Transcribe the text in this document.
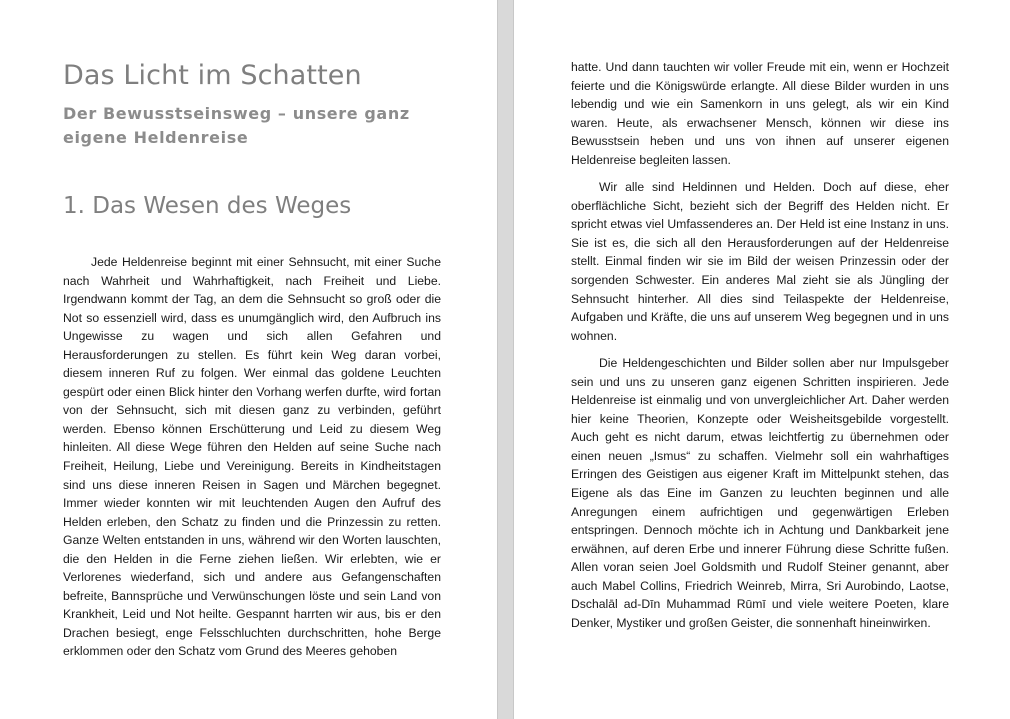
Das Licht im Schatten
Der Bewusstseinsweg – unsere ganz eigene Heldenreise
1. Das Wesen des Weges

Jede Heldenreise beginnt mit einer Sehnsucht, mit einer Suche nach Wahrheit und Wahrhaftigkeit, nach Freiheit und Liebe. Irgendwann kommt der Tag, an dem die Sehnsucht so groß oder die Not so essenziell wird, dass es unumgänglich wird, den Aufbruch ins Ungewisse zu wagen und sich allen Gefahren und Herausforderungen zu stellen. Es führt kein Weg daran vorbei, diesem inneren Ruf zu folgen. Wer einmal das goldene Leuchten gespürt oder einen Blick hinter den Vorhang werfen durfte, wird fortan von der Sehnsucht, sich mit diesen ganz zu verbinden, geführt werden. Ebenso können Erschütterung und Leid zu diesem Weg hinleiten. All diese Wege führen den Helden auf seine Suche nach Freiheit, Heilung, Liebe und Vereinigung. Bereits in Kindheitstagen sind uns diese inneren Reisen in Sagen und Märchen begegnet. Immer wieder konnten wir mit leuchtenden Augen den Aufruf des Helden erleben, den Schatz zu finden und die Prinzessin zu retten. Ganze Welten entstanden in uns, während wir den Worten lauschten, die den Helden in die Ferne ziehen ließen. Wir erlebten, wie er Verlorenes wiederfand, sich und andere aus Gefangenschaften befreite, Bannsprüche und Verwünschungen löste und sein Land von Krankheit, Leid und Not heilte. Gespannt harrten wir aus, bis er den Drachen besiegt, enge Felsschluchten durchschritten, hohe Berge erklommen oder den Schatz vom Grund des Meeres gehoben

hatte. Und dann tauchten wir voller Freude mit ein, wenn er Hochzeit feierte und die Königswürde erlangte. All diese Bilder wurden in uns lebendig und wie ein Samenkorn in uns gelegt, als wir ein Kind waren. Heute, als erwachsener Mensch, können wir diese ins Bewusstsein heben und uns von ihnen auf unserer eigenen Heldenreise begleiten lassen.

Wir alle sind Heldinnen und Helden. Doch auf diese, eher oberflächliche Sicht, bezieht sich der Begriff des Helden nicht. Er spricht etwas viel Umfassenderes an. Der Held ist eine Instanz in uns. Sie ist es, die sich all den Herausforderungen auf der Heldenreise stellt. Einmal finden wir sie im Bild der weisen Prinzessin oder der sorgenden Schwester. Ein anderes Mal zieht sie als Jüngling der Sehnsucht hinterher. All dies sind Teilaspekte der Heldenreise, Aufgaben und Kräfte, die uns auf unserem Weg begegnen und in uns wohnen.

Die Heldengeschichten und Bilder sollen aber nur Impulsgeber sein und uns zu unseren ganz eigenen Schritten inspirieren. Jede Heldenreise ist einmalig und von unvergleichlicher Art. Daher werden hier keine Theorien, Konzepte oder Weisheitsgebilde vorgestellt. Auch geht es nicht darum, etwas leichtfertig zu übernehmen oder einen neuen „Ismus“ zu schaffen. Vielmehr soll ein wahrhaftiges Erringen des Geistigen aus eigener Kraft im Mittelpunkt stehen, das Eigene als das Eine im Ganzen zu leuchten beginnen und alle Anregungen einem aufrichtigen und gegenwärtigen Erleben entspringen. Dennoch möchte ich in Achtung und Dankbarkeit jene erwähnen, auf deren Erbe und innerer Führung diese Schritte fußen. Allen voran seien Joel Goldsmith und Rudolf Steiner genannt, aber auch Mabel Collins, Friedrich Weinreb, Mirra, Sri Aurobindo, Laotse, Dschalāl ad-Dīn Muhammad Rūmī und viele weitere Poeten, klare Denker, Mystiker und großen Geister, die sonnenhaft hineinwirken.
